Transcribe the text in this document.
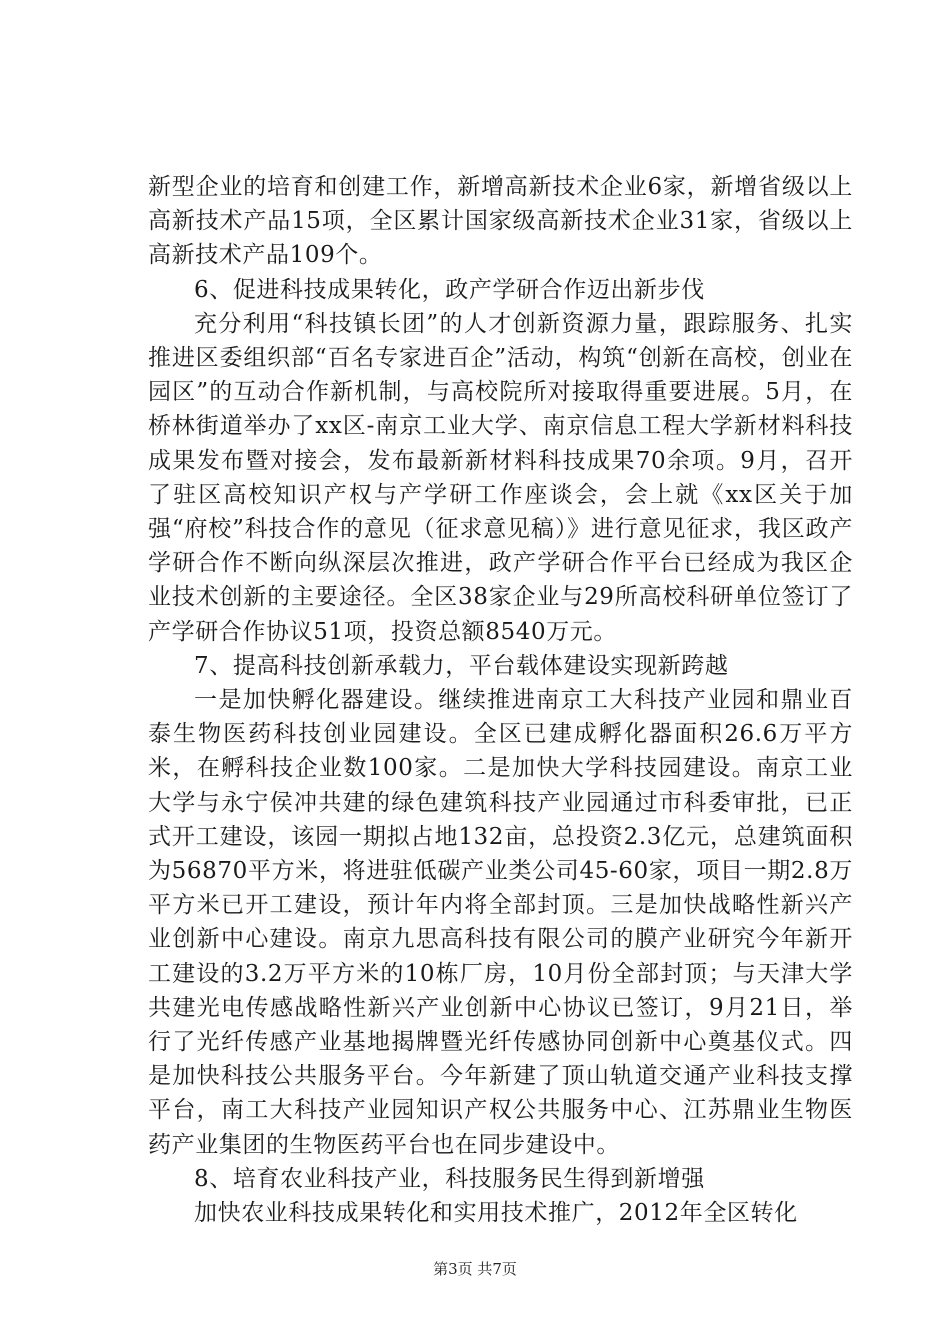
新型企业的培育和创建工作，新增高新技术企业6家，新增省级以上高新技术产品15项，全区累计国家级高新技术企业31家，省级以上高新技术产品109个。

6、促进科技成果转化，政产学研合作迈出新步伐

充分利用“科技镇长团”的人才创新资源力量，跟踪服务、扎实推进区委组织部“百名专家进百企”活动，构筑“创新在高校，创业在园区”的互动合作新机制，与高校院所对接取得重要进展。5月，在桥林街道举办了xx区-南京工业大学、南京信息工程大学新材料科技成果发布暨对接会，发布最新新材料科技成果70余项。9月，召开了驻区高校知识产权与产学研工作座谈会，会上就《xx区关于加强“府校”科技合作的意见（征求意见稿）》进行意见征求，我区政产学研合作不断向纵深层次推进，政产学研合作平台已经成为我区企业技术创新的主要途径。全区38家企业与29所高校科研单位签订了产学研合作协议51项，投资总额8540万元。

7、提高科技创新承载力，平台载体建设实现新跨越

一是加快孵化器建设。继续推进南京工大科技产业园和鼎业百泰生物医药科技创业园建设。全区已建成孵化器面积26.6万平方米，在孵科技企业数100家。二是加快大学科技园建设。南京工业大学与永宁侯冲共建的绿色建筑科技产业园通过市科委审批，已正式开工建设，该园一期拟占地132亩，总投资2.3亿元，总建筑面积为56870平方米，将进驻低碳产业类公司45-60家，项目一期2.8万平方米已开工建设，预计年内将全部封顶。三是加快战略性新兴产业创新中心建设。南京九思高科技有限公司的膜产业研究今年新开工建设的3.2万平方米的10栋厂房，10月份全部封顶；与天津大学共建光电传感战略性新兴产业创新中心协议已签订，9月21日，举行了光纤传感产业基地揭牌暨光纤传感协同创新中心奠基仪式。四是加快科技公共服务平台。今年新建了顶山轨道交通产业科技支撑平台，南工大科技产业园知识产权公共服务中心、江苏鼎业生物医药产业集团的生物医药平台也在同步建设中。

8、培育农业科技产业，科技服务民生得到新增强

加快农业科技成果转化和实用技术推广，2012年全区转化

第3页 共7页
